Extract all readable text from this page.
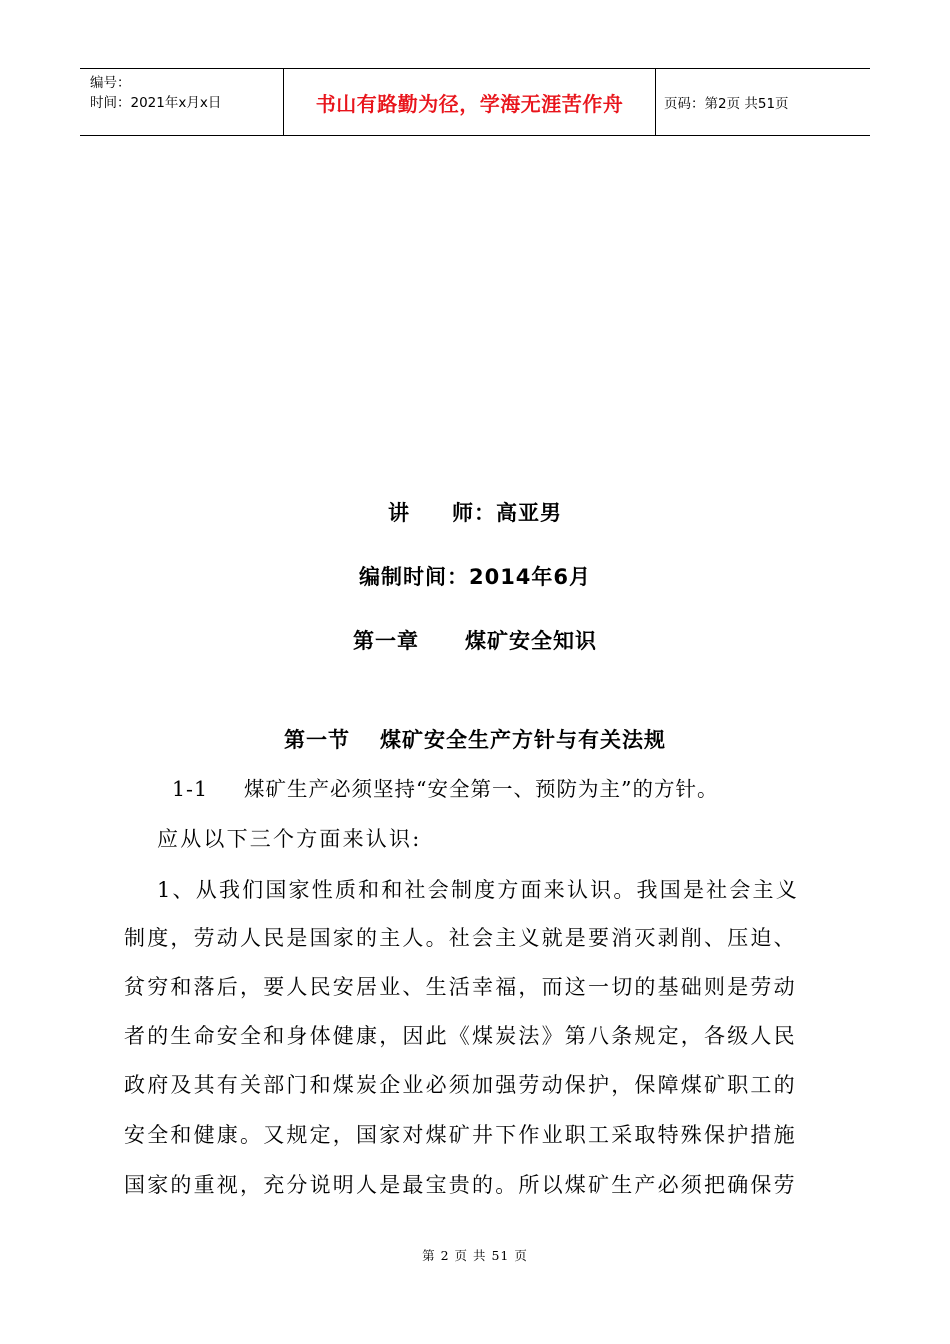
编号：
时间：2021年x月x日	书山有路勤为径，学海无涯苦作舟	页码：第2页 共51页
讲 师：高亚男
编制时间：2014年6月
第一章 煤矿安全知识
第一节 煤矿安全生产方针与有关法规
1-1 煤矿生产必须坚持“安全第一、预防为主”的方针。
应从以下三个方面来认识:
1、从我们国家性质和和社会制度方面来认识。我国是社会主义
制度，劳动人民是国家的主人。社会主义就是要消灭剥削、压迫、
贫穷和落后，要人民安居业、生活幸福，而这一切的基础则是劳动
者的生命安全和身体健康，因此《煤炭法》第八条规定，各级人民
政府及其有关部门和煤炭企业必须加强劳动保护，保障煤矿职工的
安全和健康。又规定，国家对煤矿井下作业职工采取特殊保护措施
国家的重视，充分说明人是最宝贵的。所以煤矿生产必须把确保劳
第 2 页 共 51 页
